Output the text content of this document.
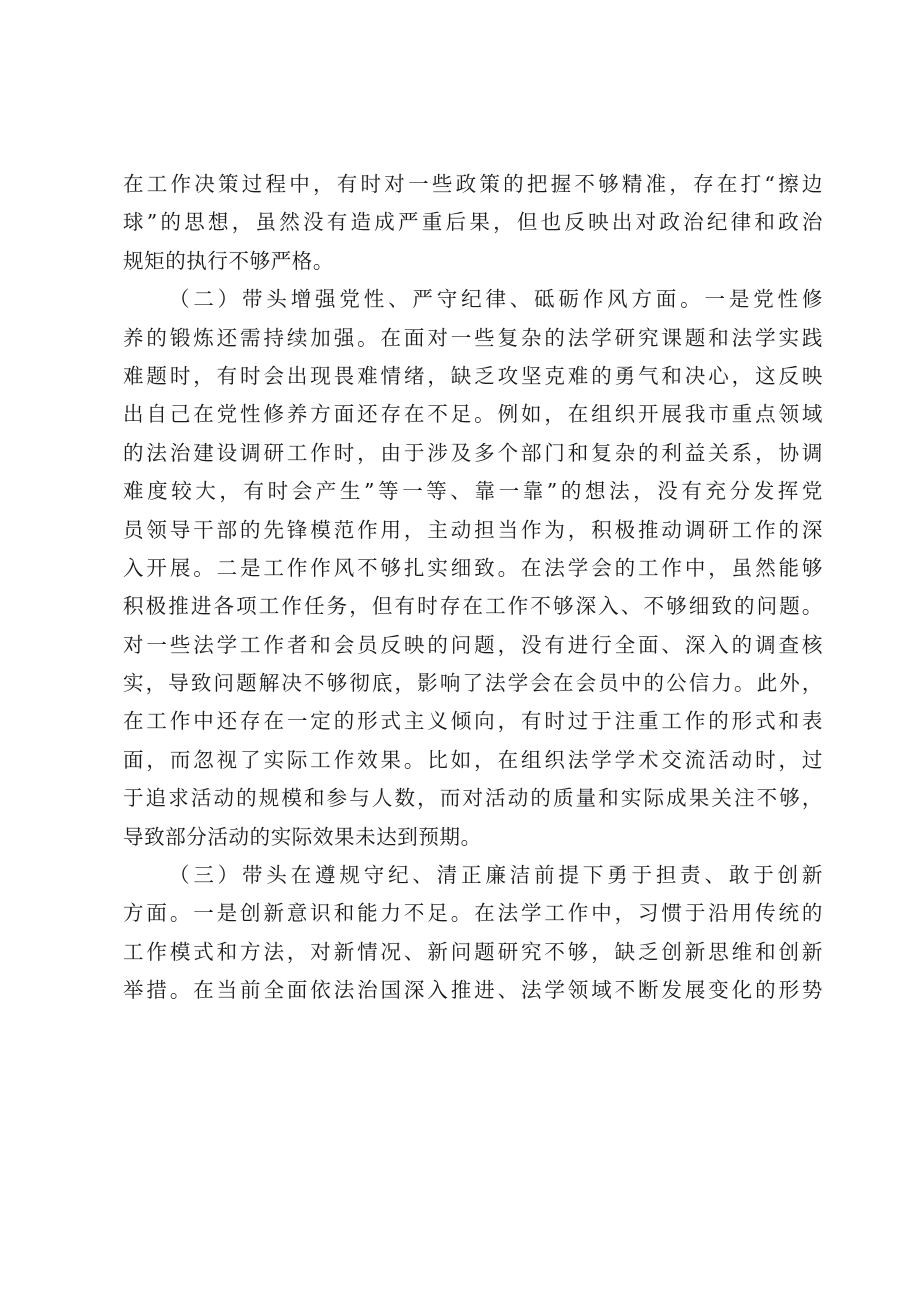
在工作决策过程中，有时对一些政策的把握不够精准，存在打“擦边
球”的思想，虽然没有造成严重后果，但也反映出对政治纪律和政治
规矩的执行不够严格。
（二）带头增强党性、严守纪律、砥砺作风方面。一是党性修
养的锻炼还需持续加强。在面对一些复杂的法学研究课题和法学实践
难题时，有时会出现畏难情绪，缺乏攻坚克难的勇气和决心，这反映
出自己在党性修养方面还存在不足。例如，在组织开展我市重点领域
的法治建设调研工作时，由于涉及多个部门和复杂的利益关系，协调
难度较大，有时会产生”等一等、靠一靠”的想法，没有充分发挥党
员领导干部的先锋模范作用，主动担当作为，积极推动调研工作的深
入开展。二是工作作风不够扎实细致。在法学会的工作中，虽然能够
积极推进各项工作任务，但有时存在工作不够深入、不够细致的问题。
对一些法学工作者和会员反映的问题，没有进行全面、深入的调查核
实，导致问题解决不够彻底，影响了法学会在会员中的公信力。此外，
在工作中还存在一定的形式主义倾向，有时过于注重工作的形式和表
面，而忽视了实际工作效果。比如，在组织法学学术交流活动时，过
于追求活动的规模和参与人数，而对活动的质量和实际成果关注不够，
导致部分活动的实际效果未达到预期。
（三）带头在遵规守纪、清正廉洁前提下勇于担责、敢于创新
方面。一是创新意识和能力不足。在法学工作中，习惯于沿用传统的
工作模式和方法，对新情况、新问题研究不够，缺乏创新思维和创新
举措。在当前全面依法治国深入推进、法学领域不断发展变化的形势
